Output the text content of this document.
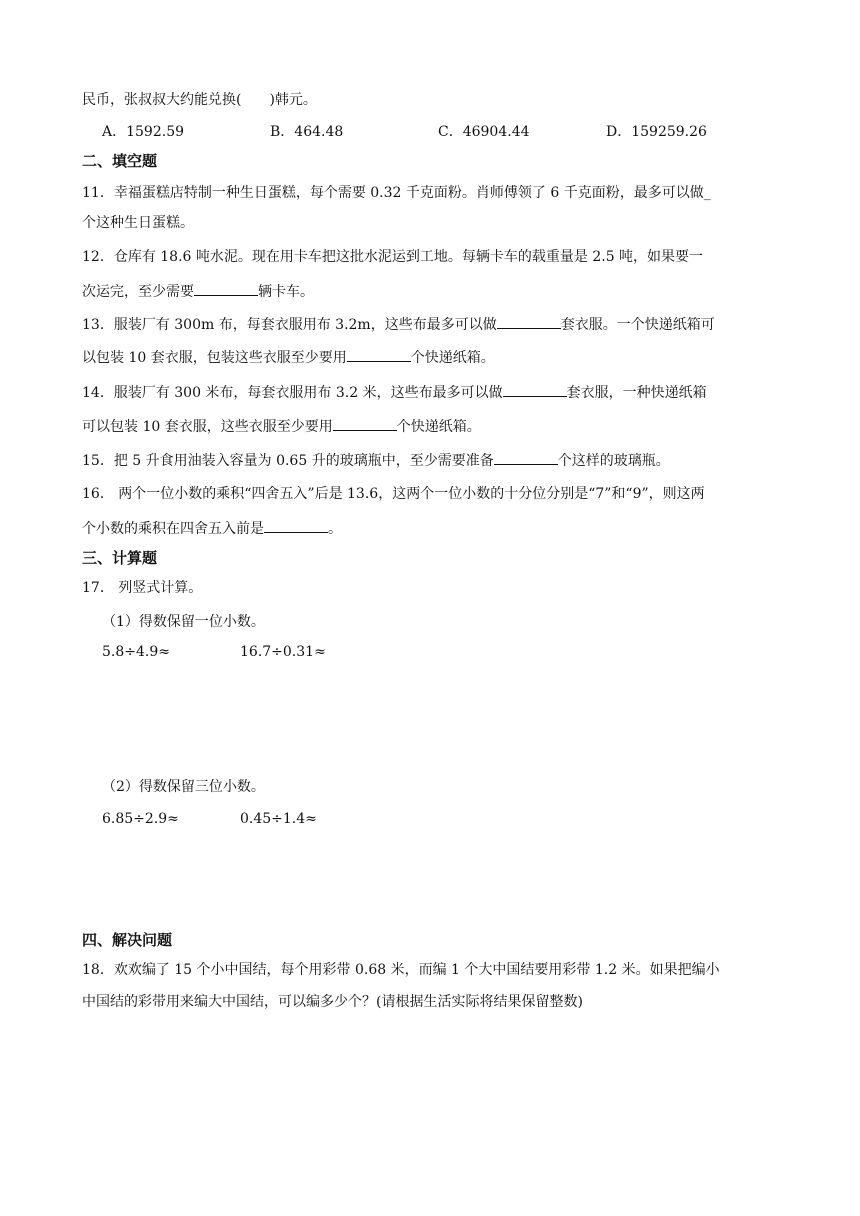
民币，张叔叔大约能兑换(　　)韩元。
A．1592.59	B．464.48	C．46904.44	D．159259.26
二、填空题
11．幸福蛋糕店特制一种生日蛋糕，每个需要 0.32 千克面粉。肖师傅领了 6 千克面粉，最多可以做_
个这种生日蛋糕。
12．仓库有 18.6 吨水泥。现在用卡车把这批水泥运到工地。每辆卡车的载重量是 2.5 吨，如果要一
次运完，至少需要	辆卡车。
13．服装厂有 300m 布，每套衣服用布 3.2m，这些布最多可以做	套衣服。一个快递纸箱可
以包装 10 套衣服，包装这些衣服至少要用	个快递纸箱。
14．服装厂有 300 米布，每套衣服用布 3.2 米，这些布最多可以做	套衣服，一种快递纸箱
可以包装 10 套衣服，这些衣服至少要用	个快递纸箱。
15．把 5 升食用油装入容量为 0.65 升的玻璃瓶中，至少需要准备	个这样的玻璃瓶。
16． 两个一位小数的乘积“四舍五入”后是 13.6，这两个一位小数的十分位分别是“7”和“9”，则这两
个小数的乘积在四舍五入前是	。
三、计算题
17． 列竖式计算。
（1）得数保留一位小数。
5.8÷4.9≈	16.7÷0.31≈
（2）得数保留三位小数。
6.85÷2.9≈	0.45÷1.4≈
四、解决问题
18．欢欢编了 15 个小中国结，每个用彩带 0.68 米，而编 1 个大中国结要用彩带 1.2 米。如果把编小
中国结的彩带用来编大中国结，可以编多少个？(请根据生活实际将结果保留整数)
